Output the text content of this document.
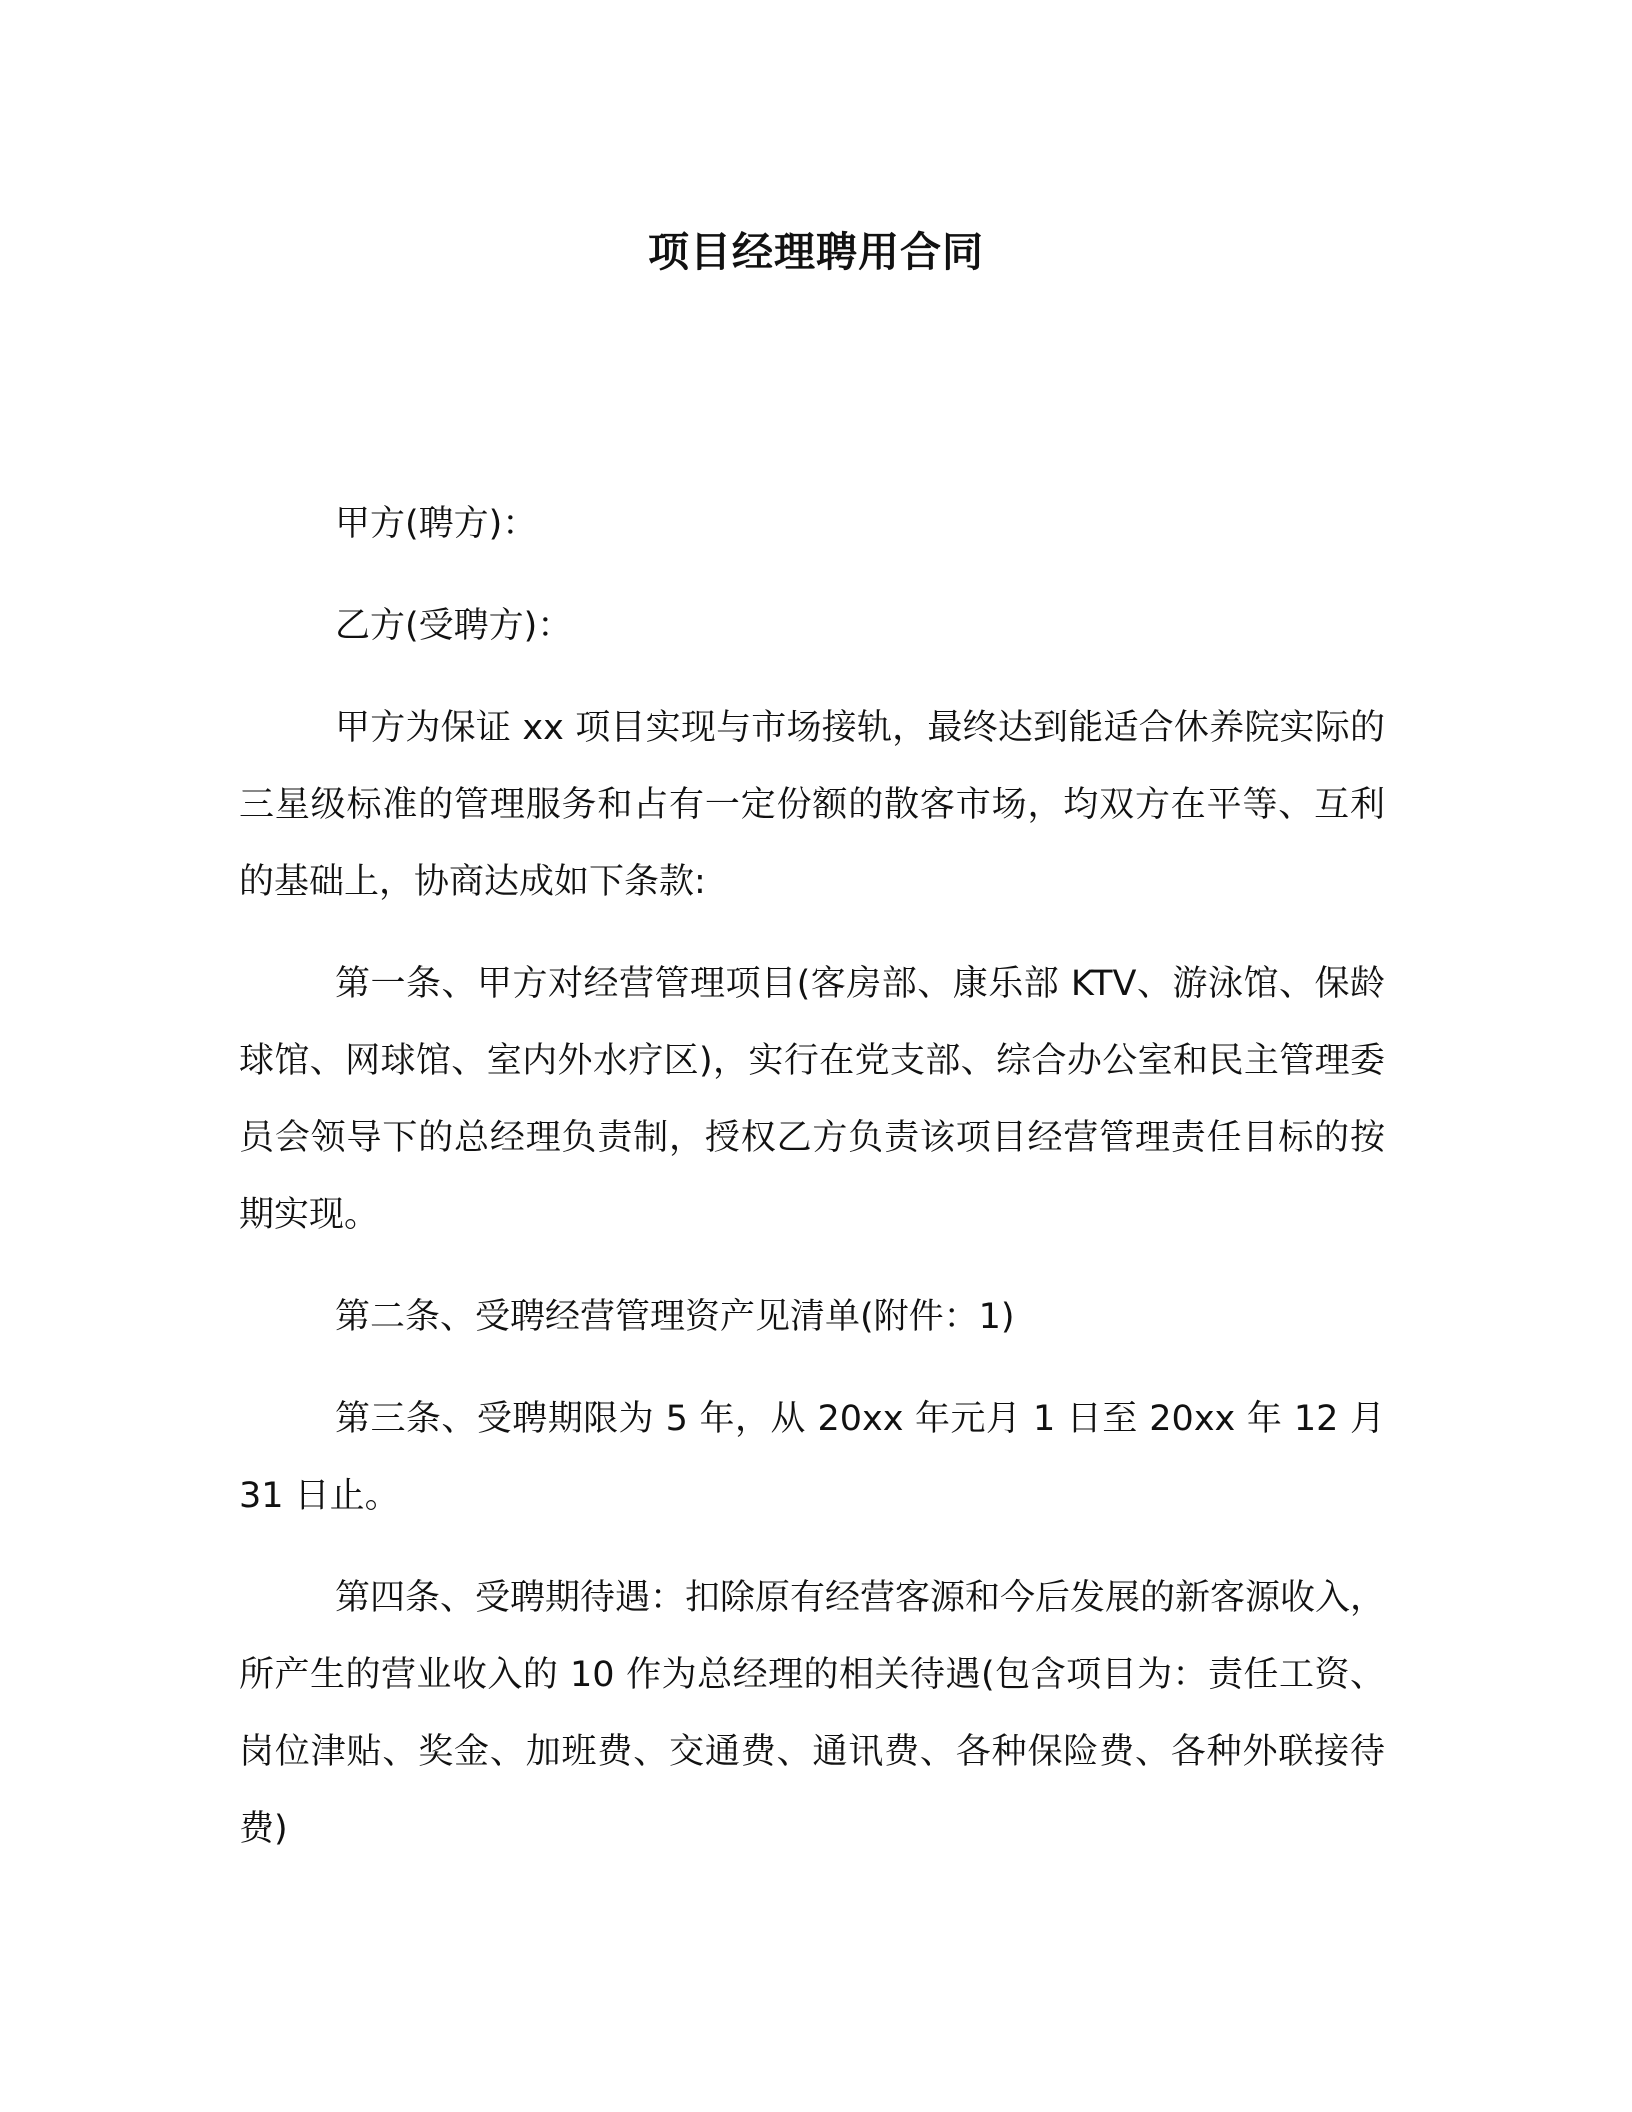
项目经理聘用合同

甲方(聘方)：

乙方(受聘方)：

甲方为保证 xx 项目实现与市场接轨，最终达到能适合休养院实际的三星级标准的管理服务和占有一定份额的散客市场，均双方在平等、互利的基础上，协商达成如下条款:

第一条、甲方对经营管理项目(客房部、康乐部 KTV、游泳馆、保龄球馆、网球馆、室内外水疗区)，实行在党支部、综合办公室和民主管理委员会领导下的总经理负责制，授权乙方负责该项目经营管理责任目标的按期实现。

第二条、受聘经营管理资产见清单(附件：1)

第三条、受聘期限为 5 年，从 20xx 年元月 1 日至 20xx 年 12 月31 日止。

第四条、受聘期待遇：扣除原有经营客源和今后发展的新客源收入，所产生的营业收入的 10 作为总经理的相关待遇(包含项目为：责任工资、岗位津贴、奖金、加班费、交通费、通讯费、各种保险费、各种外联接待费)
